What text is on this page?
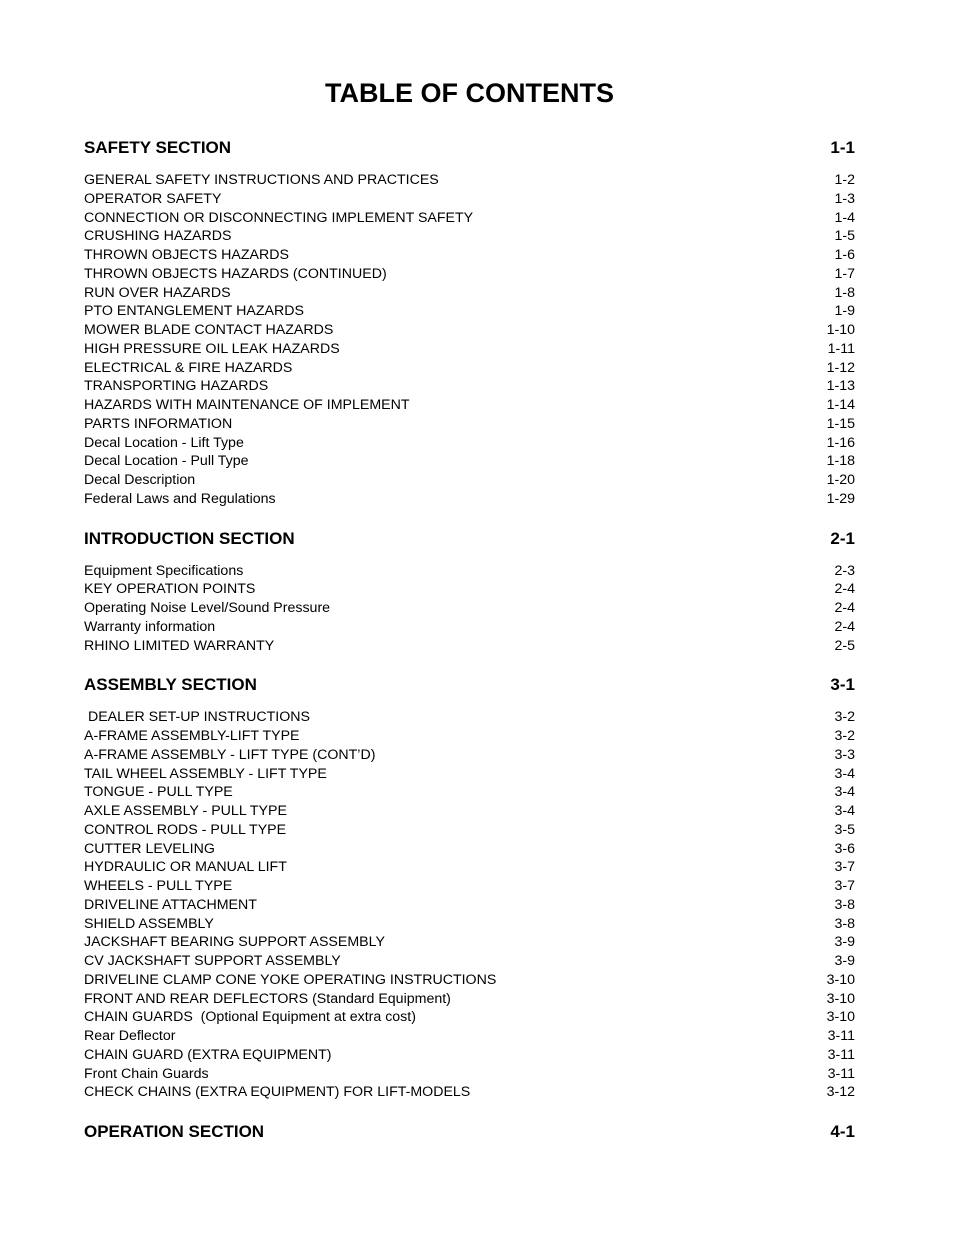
TABLE OF CONTENTS
SAFETY SECTION	1-1
GENERAL SAFETY INSTRUCTIONS AND PRACTICES	1-2
OPERATOR SAFETY	1-3
CONNECTION OR DISCONNECTING IMPLEMENT SAFETY	1-4
CRUSHING HAZARDS	1-5
THROWN OBJECTS HAZARDS	1-6
THROWN OBJECTS HAZARDS (CONTINUED)	1-7
RUN OVER HAZARDS	1-8
PTO ENTANGLEMENT HAZARDS	1-9
MOWER BLADE CONTACT HAZARDS	1-10
HIGH PRESSURE OIL LEAK HAZARDS	1-11
ELECTRICAL & FIRE HAZARDS	1-12
TRANSPORTING HAZARDS	1-13
HAZARDS WITH MAINTENANCE OF IMPLEMENT	1-14
PARTS INFORMATION	1-15
Decal Location - Lift Type	1-16
Decal Location - Pull Type	1-18
Decal Description	1-20
Federal Laws and Regulations	1-29
INTRODUCTION SECTION	2-1
Equipment Specifications	2-3
KEY OPERATION POINTS	2-4
Operating Noise Level/Sound Pressure	2-4
Warranty information	2-4
RHINO LIMITED WARRANTY	2-5
ASSEMBLY SECTION	3-1
DEALER SET-UP INSTRUCTIONS	3-2
A-FRAME ASSEMBLY-LIFT TYPE	3-2
A-FRAME ASSEMBLY - LIFT TYPE (CONT’D)	3-3
TAIL WHEEL ASSEMBLY - LIFT TYPE	3-4
TONGUE - PULL TYPE	3-4
AXLE ASSEMBLY - PULL TYPE	3-4
CONTROL RODS - PULL TYPE	3-5
CUTTER LEVELING	3-6
HYDRAULIC OR MANUAL LIFT	3-7
WHEELS - PULL TYPE	3-7
DRIVELINE ATTACHMENT	3-8
SHIELD ASSEMBLY	3-8
JACKSHAFT BEARING SUPPORT ASSEMBLY	3-9
CV JACKSHAFT SUPPORT ASSEMBLY	3-9
DRIVELINE CLAMP CONE YOKE OPERATING INSTRUCTIONS	3-10
FRONT AND REAR DEFLECTORS (Standard Equipment)	3-10
CHAIN GUARDS  (Optional Equipment at extra cost)	3-10
Rear Deflector	3-11
CHAIN GUARD (EXTRA EQUIPMENT)	3-11
Front Chain Guards	3-11
CHECK CHAINS (EXTRA EQUIPMENT) FOR LIFT-MODELS	3-12
OPERATION SECTION	4-1
